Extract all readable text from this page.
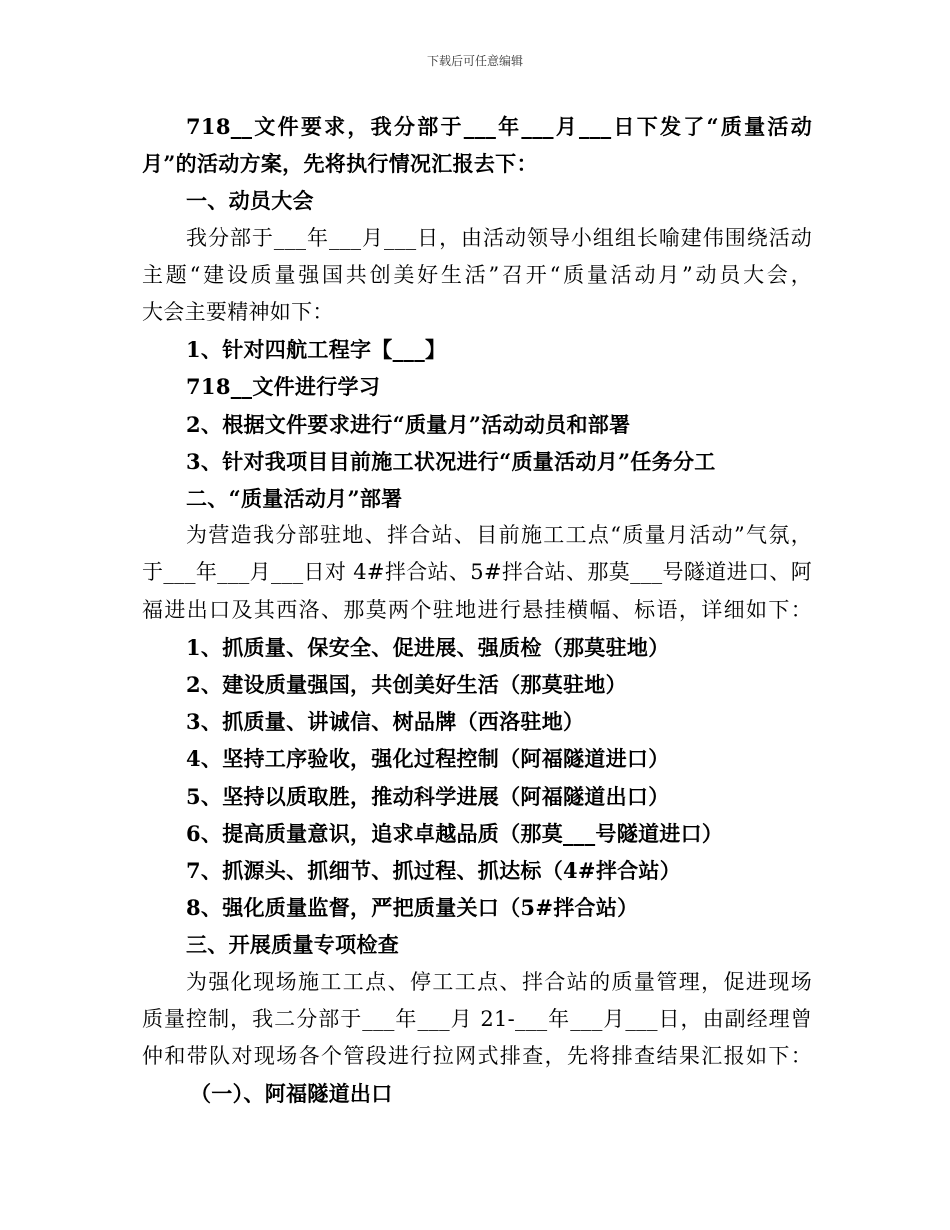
下载后可任意编辑
718__文件要求，我分部于___年___月___日下发了“质量活动
月”的活动方案，先将执行情况汇报去下：
一、动员大会
我分部于___年___月___日，由活动领导小组组长喻建伟围绕活动
主题“建设质量强国共创美好生活”召开“质量活动月”动员大会，
大会主要精神如下：
1、针对四航工程字【___】
718__文件进行学习
2、根据文件要求进行“质量月”活动动员和部署
3、针对我项目目前施工状况进行“质量活动月”任务分工
二、“质量活动月”部署
为营造我分部驻地、拌合站、目前施工工点“质量月活动”气氛，
于___年___月___日对 4#拌合站、5#拌合站、那莫___号隧道进口、阿
福进出口及其西洛、那莫两个驻地进行悬挂横幅、标语，详细如下：
1、抓质量、保安全、促进展、强质检（那莫驻地）
2、建设质量强国，共创美好生活（那莫驻地）
3、抓质量、讲诚信、树品牌（西洛驻地）
4、坚持工序验收，强化过程控制（阿福隧道进口）
5、坚持以质取胜，推动科学进展（阿福隧道出口）
6、提高质量意识，追求卓越品质（那莫___号隧道进口）
7、抓源头、抓细节、抓过程、抓达标（4#拌合站）
8、强化质量监督，严把质量关口（5#拌合站）
三、开展质量专项检查
为强化现场施工工点、停工工点、拌合站的质量管理，促进现场
质量控制，我二分部于___年___月 21-___年___月___日，由副经理曾
仲和带队对现场各个管段进行拉网式排查，先将排查结果汇报如下：
（一）、阿福隧道出口
